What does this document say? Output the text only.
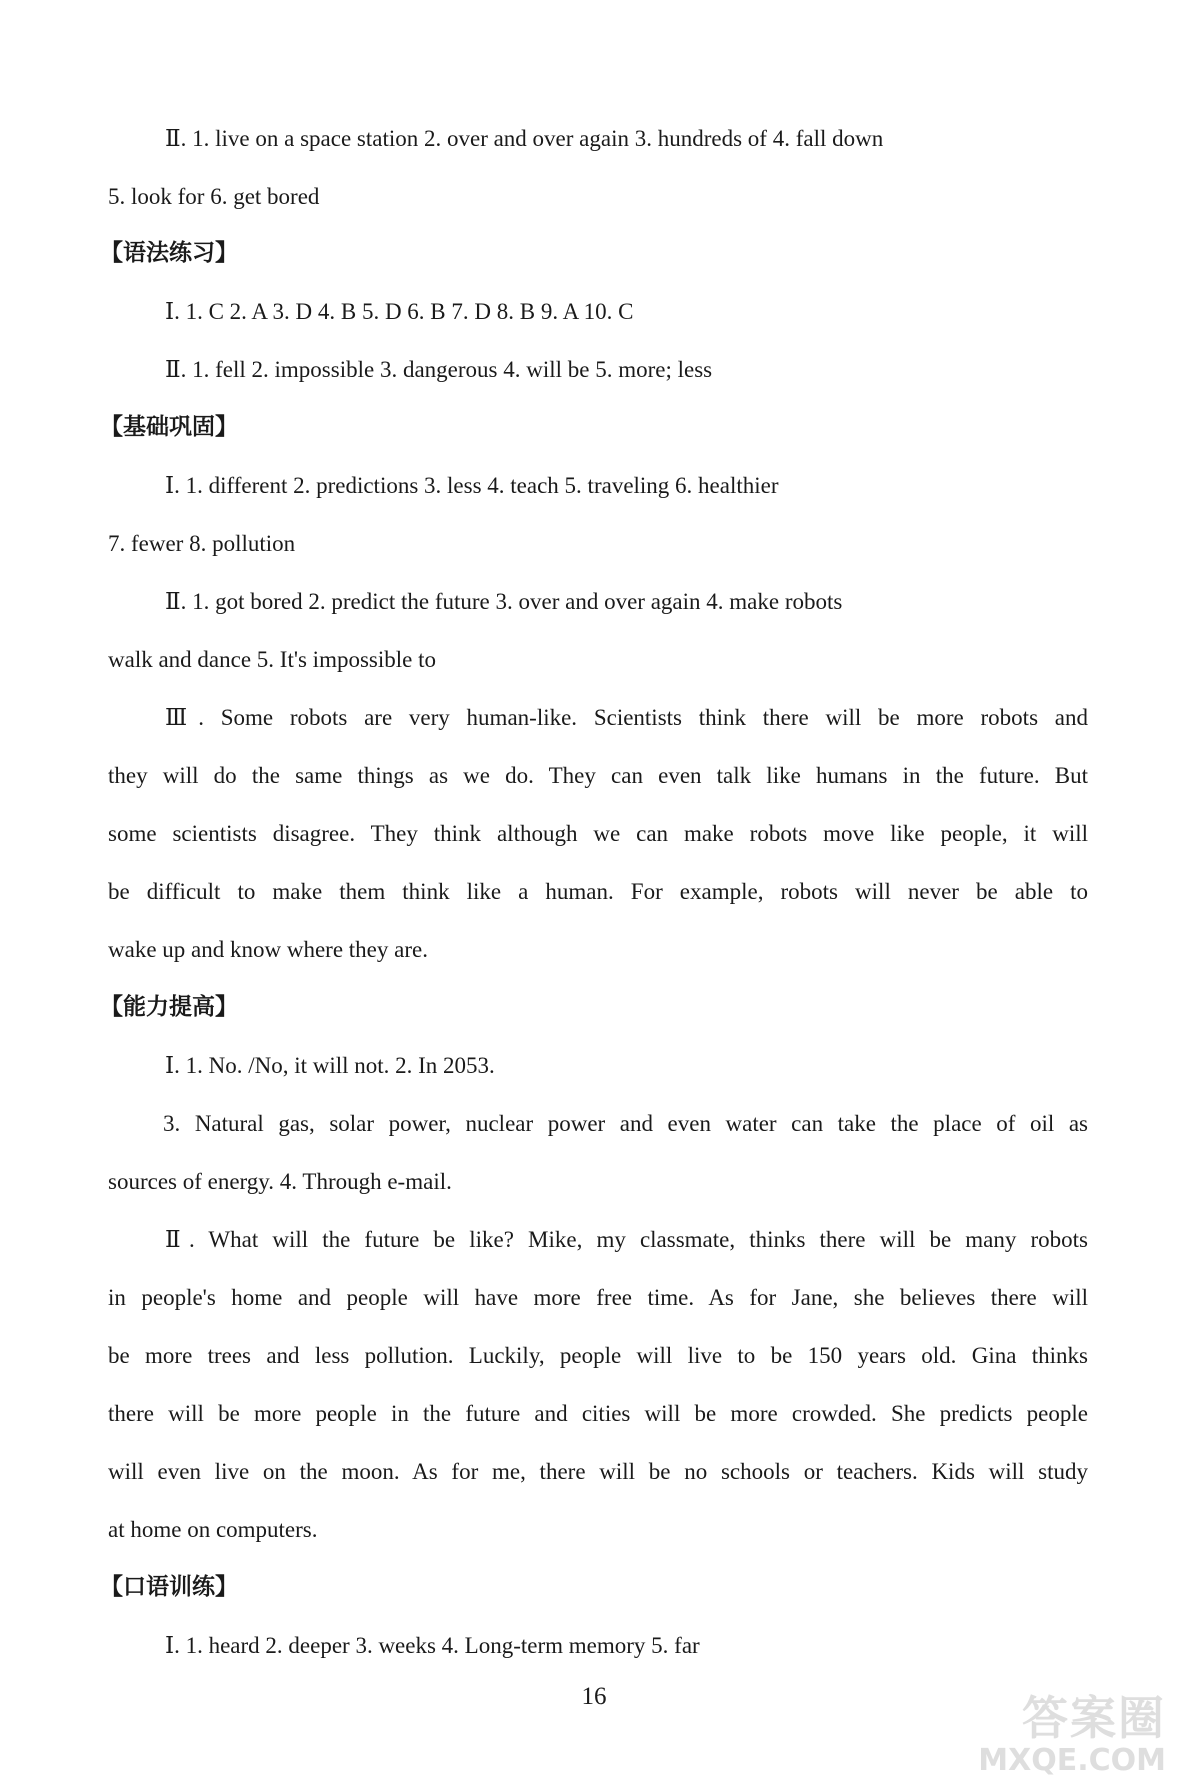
Ⅱ. 1. live on a space station 2. over and over again 3. hundreds of 4. fall down
5. look for 6. get bored
【语法练习】
Ⅰ. 1. C 2. A 3. D 4. B 5. D 6. B 7. D 8. B 9. A 10. C
Ⅱ. 1. fell 2. impossible 3. dangerous 4. will be 5. more; less
【基础巩固】
Ⅰ. 1. different 2. predictions 3. less 4. teach 5. traveling 6. healthier
7. fewer 8. pollution
Ⅱ. 1. got bored 2. predict the future 3. over and over again 4. make robots
walk and dance 5. It's impossible to
Ⅲ. Some robots are very human-like. Scientists think there will be more robots and
they will do the same things as we do. They can even talk like humans in the future. But
some scientists disagree. They think although we can make robots move like people, it will
be difficult to make them think like a human. For example, robots will never be able to
wake up and know where they are.
【能力提高】
Ⅰ. 1. No. /No, it will not. 2. In 2053.
3. Natural gas, solar power, nuclear power and even water can take the place of oil as
sources of energy. 4. Through e-mail.
Ⅱ. What will the future be like? Mike, my classmate, thinks there will be many robots
in people's home and people will have more free time. As for Jane, she believes there will
be more trees and less pollution. Luckily, people will live to be 150 years old. Gina thinks
there will be more people in the future and cities will be more crowded. She predicts people
will even live on the moon. As for me, there will be no schools or teachers. Kids will study
at home on computers.
【口语训练】
Ⅰ. 1. heard 2. deeper 3. weeks 4. Long-term memory 5. far
16	答案圈
MXQE.COM
